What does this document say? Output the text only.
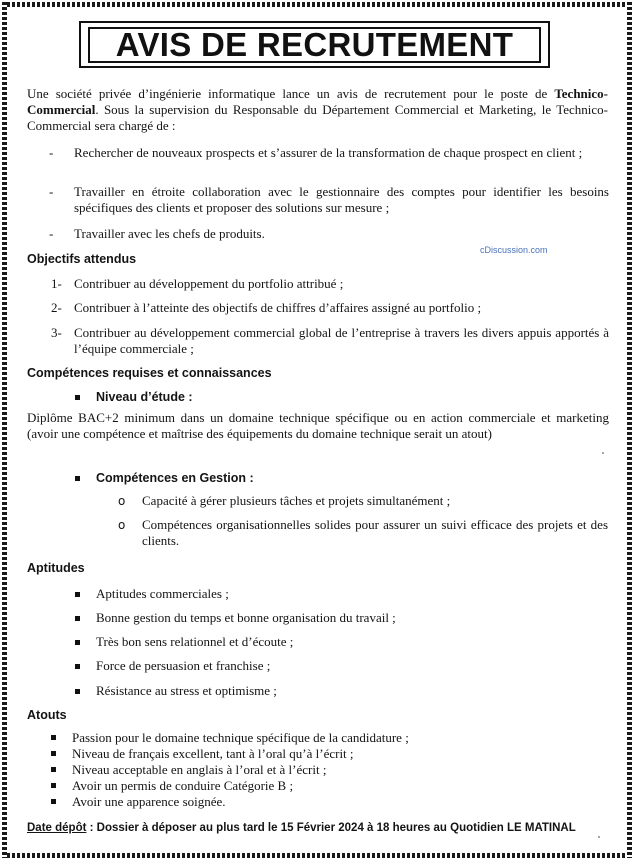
AVIS DE RECRUTEMENT
Une société privée d’ingénierie informatique lance un avis de recrutement pour le poste de Technico-Commercial. Sous la supervision du Responsable du Département Commercial et Marketing, le Technico-Commercial sera chargé de :
- Rechercher de nouveaux prospects et s’assurer de la transformation de chaque prospect en client ;
- Travailler en étroite collaboration avec le gestionnaire des comptes pour identifier les besoins spécifiques des clients et proposer des solutions sur mesure ;
- Travailler avec les chefs de produits.
cDiscussion.com
Objectifs attendus
1- Contribuer au développement du portfolio attribué ;
2- Contribuer à l’atteinte des objectifs de chiffres d’affaires assigné au portfolio ;
3- Contribuer au développement commercial global de l’entreprise à travers les divers appuis apportés à l’équipe commerciale ;
Compétences requises et connaissances
Niveau d’étude :
Diplôme BAC+2 minimum dans un domaine technique spécifique ou en action commerciale et marketing (avoir une compétence et maîtrise des équipements du domaine technique serait un atout)
Compétences en Gestion :
o Capacité à gérer plusieurs tâches et projets simultanément ;
o Compétences organisationnelles solides pour assurer un suivi efficace des projets et des clients.
Aptitudes
Aptitudes commerciales ;
Bonne gestion du temps et bonne organisation du travail ;
Très bon sens relationnel et d’écoute ;
Force de persuasion et franchise ;
Résistance au stress et optimisme ;
Atouts
Passion pour le domaine technique spécifique de la candidature ;
Niveau de français excellent, tant à l’oral qu’à l’écrit ;
Niveau acceptable en anglais à l’oral et à l’écrit ;
Avoir un permis de conduire Catégorie B ;
Avoir une apparence soignée.
Date dépôt : Dossier à déposer au plus tard le 15 Février 2024 à 18 heures au Quotidien LE MATINAL
